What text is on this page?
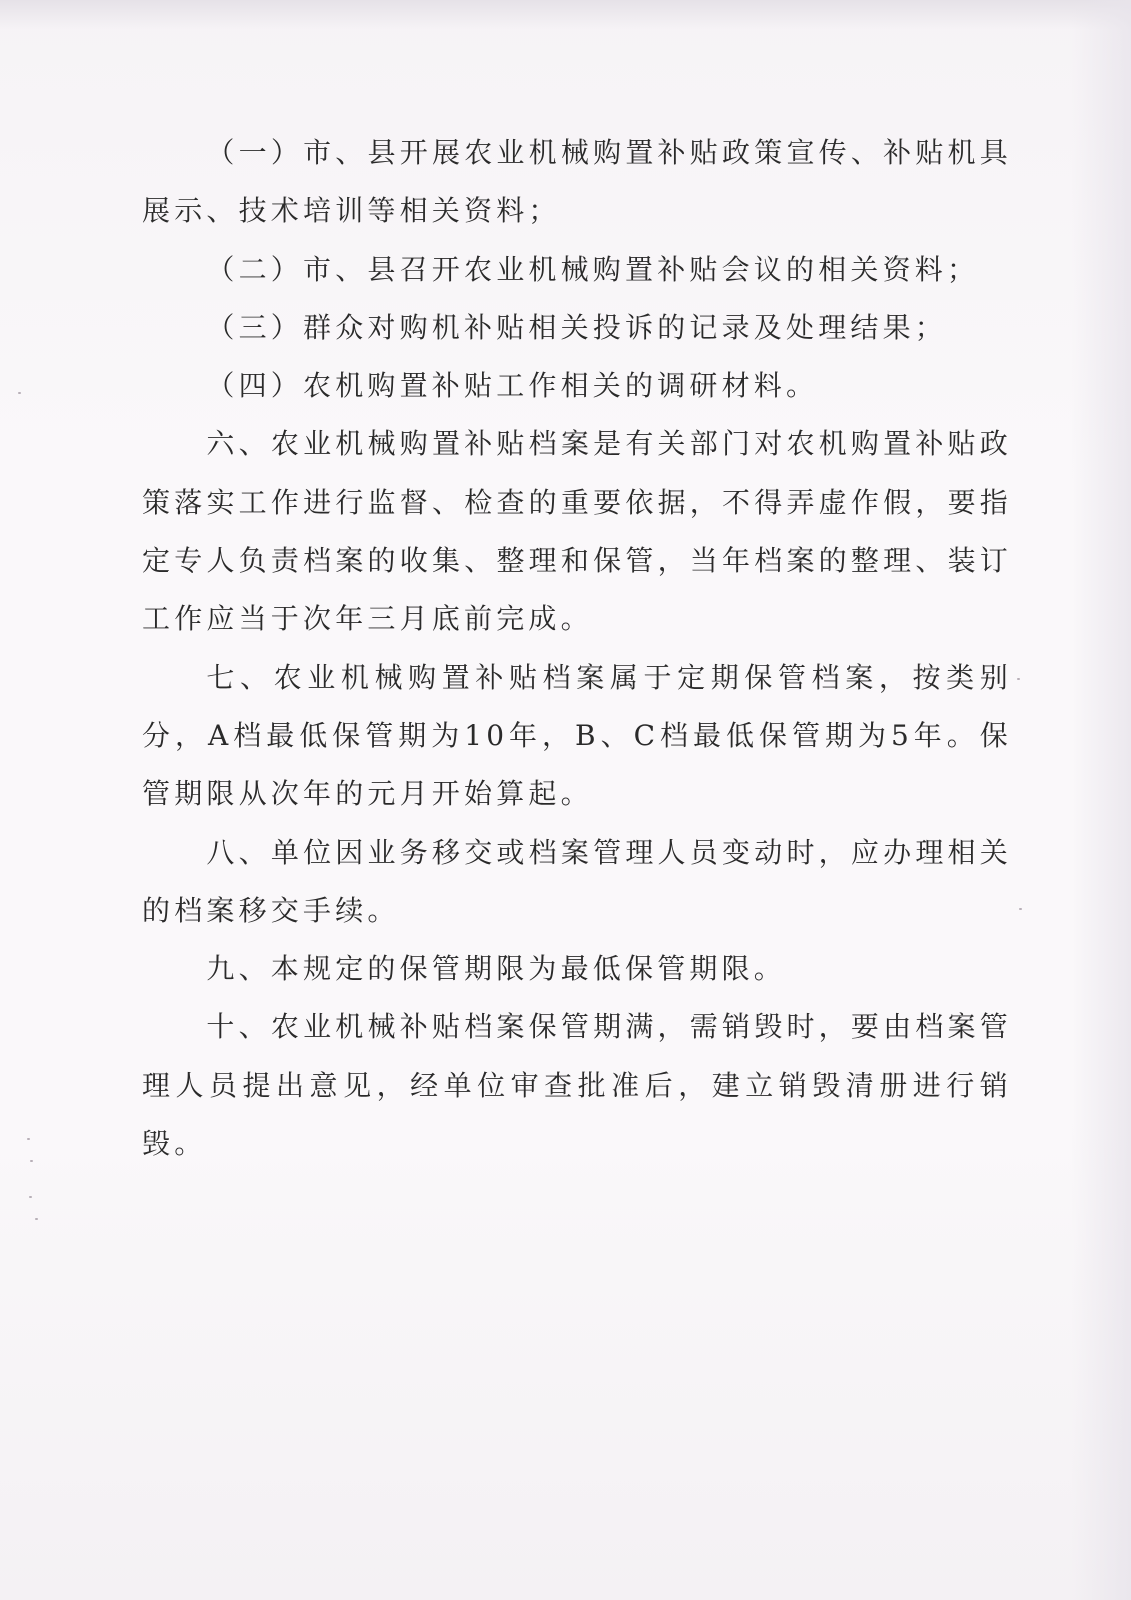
（一）市、县开展农业机械购置补贴政策宣传、补贴机具展示、技术培训等相关资料；

（二）市、县召开农业机械购置补贴会议的相关资料；

（三）群众对购机补贴相关投诉的记录及处理结果；

（四）农机购置补贴工作相关的调研材料。

六、农业机械购置补贴档案是有关部门对农机购置补贴政策落实工作进行监督、检查的重要依据，不得弄虚作假，要指定专人负责档案的收集、整理和保管，当年档案的整理、装订工作应当于次年三月底前完成。

七、农业机械购置补贴档案属于定期保管档案，按类别分，A档最低保管期为10年，B、C档最低保管期为5年。保管期限从次年的元月开始算起。

八、单位因业务移交或档案管理人员变动时，应办理相关的档案移交手续。

九、本规定的保管期限为最低保管期限。

十、农业机械补贴档案保管期满，需销毁时，要由档案管理人员提出意见，经单位审查批准后，建立销毁清册进行销毁。
